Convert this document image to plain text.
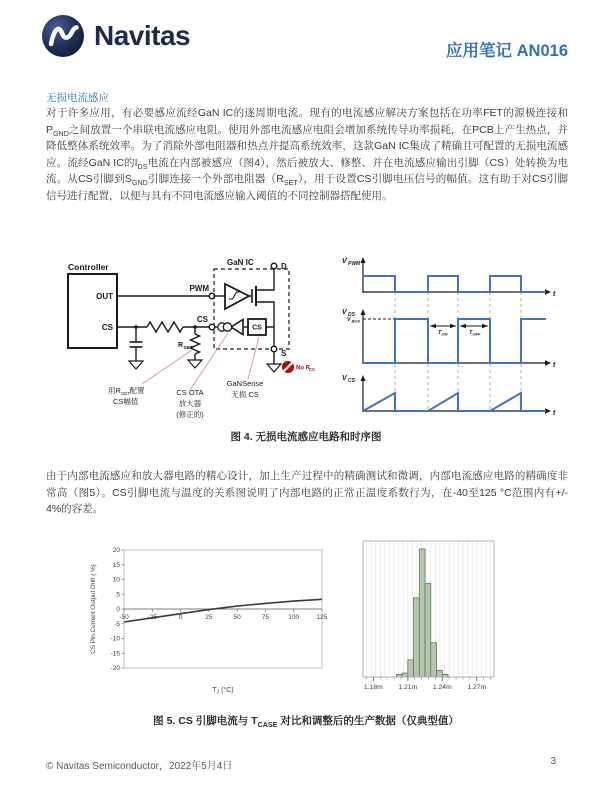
Navitas	应用笔记 AN016
无损电流感应
对于许多应用，有必要感应流经GaN IC的逐周期电流。现有的电流感应解决方案包括在功率FET的源极连接和$P_{GND}$之间放置一个串联电流感应电阻。使用外部电流感应电阻会增加系统传导功率损耗，在PCB上产生热点，并降低整体系统效率。为了消除外部电阻器和热点并提高系统效率，这款GaN IC集成了精确且可配置的无损电流感应。流经GaN IC的$I_{DS}$电流在内部被感应（图4），然后被放大、修整、并在电流感应输出引脚（CS）处转换为电流。从CS引脚到$S_{GND}$引脚连接一个外部电阻器$(R_{SET})$，用于设置CS引脚电压信号的幅值。这有助于对CS引脚信号进行配置，以便与具有不同电流感应输入阈值的不同控制器搭配使用。
Controller
OUT
CS
PWM
R SET
GaN IC	D
S
CS
CS
No R CS
用R SET 配置
CS幅值
CS OTA
放大器
(修正的)
GaNSense
无损 CS
V PWM
V DS
V BUS
V CS
T ON	T OFF
t
t
t
图 4. 无损电流感应电路和时序图
由于内部电流感应和放大器电路的精心设计，加上生产过程中的精确测试和微调，内部电流感应电路的精确度非常高（图5）。CS引脚电流与温度的关系图说明了内部电路的正常正温度系数行为，在-40至125 °C范围内有+/- 4%的容差。
-20
-15
-10
-5
0
5
10
15
20
-50	-25	0	25	50	75	100	125
$T_J$ (°C)
CS Pin Current Output Drift ( %)
1.18m 1.21m 1.24m 1.27m
图 5. CS 引脚电流与 $T_{CASE}$ 对比和调整后的生产数据（仅典型值）
© Navitas Semiconductor，2022年5月4日	3
